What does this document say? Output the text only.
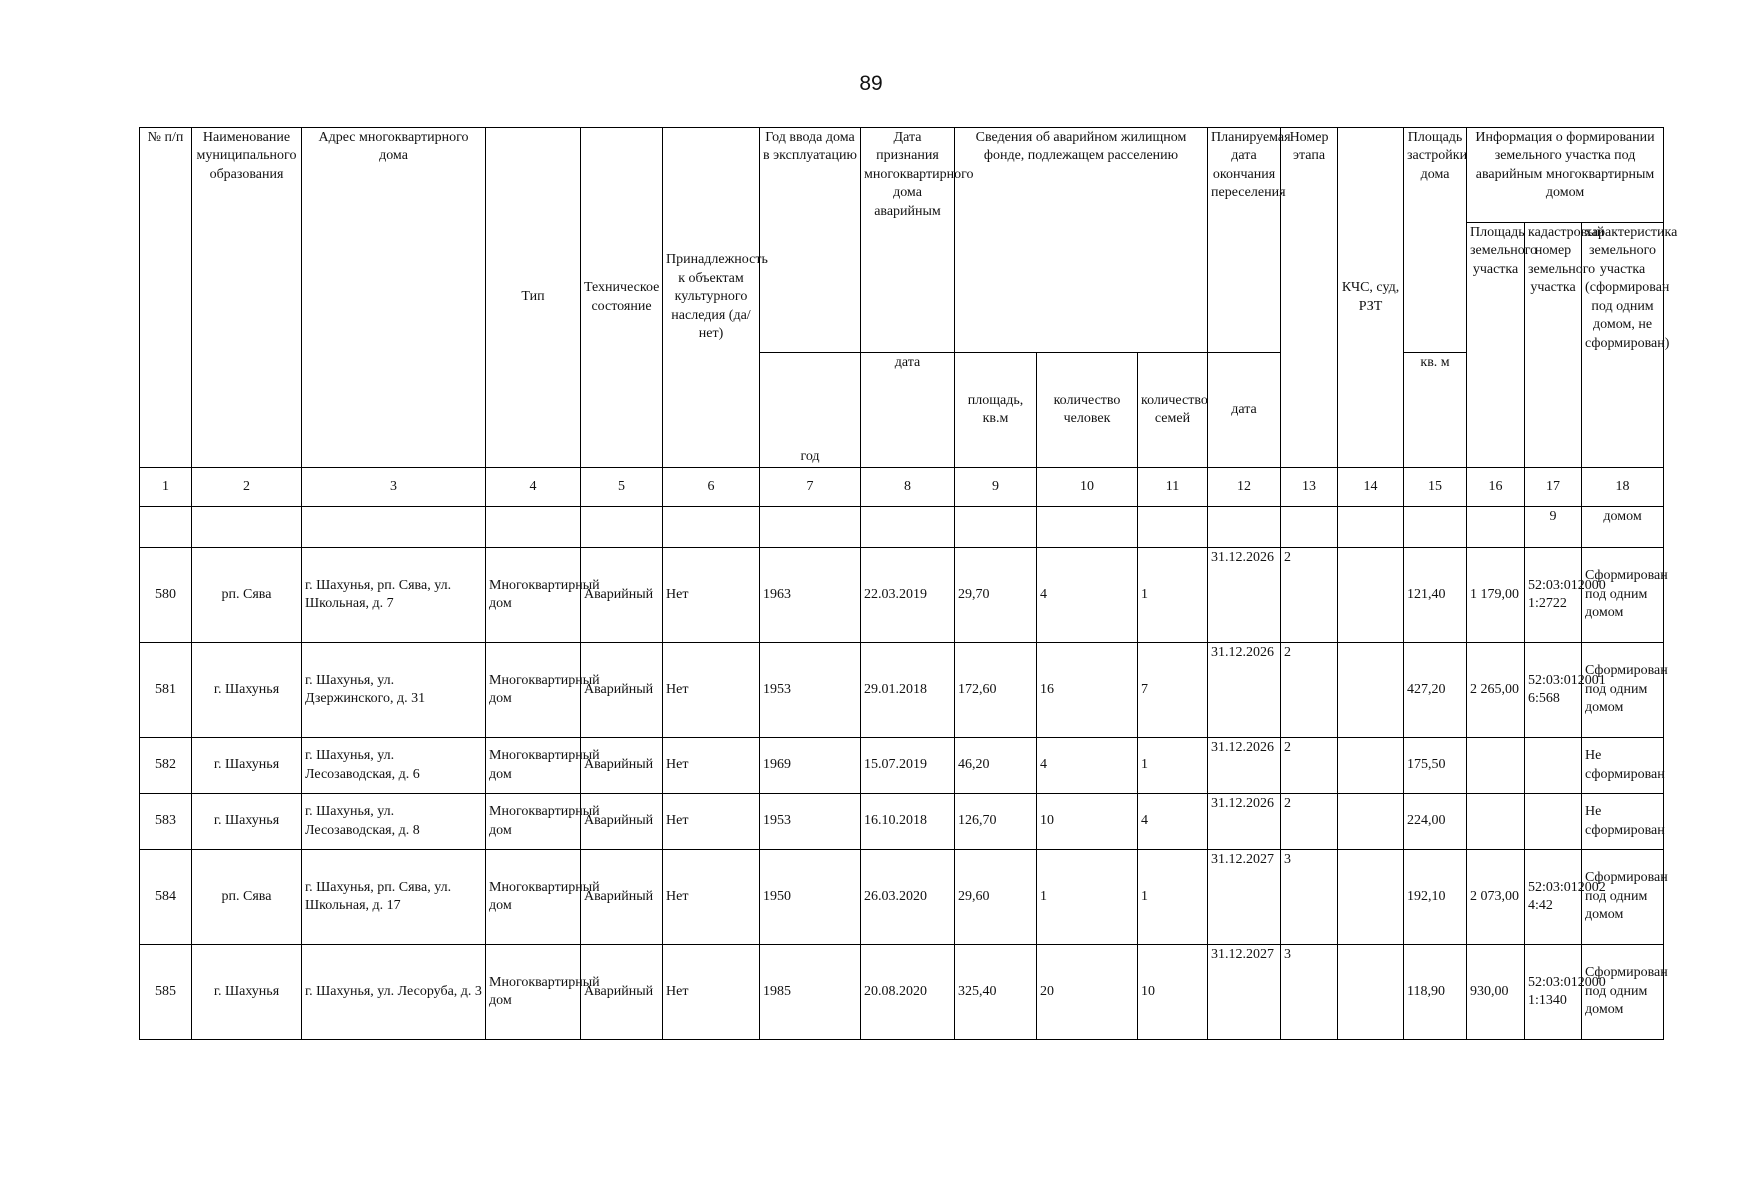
89
№ п/п	Наименование муниципального образования	Адрес многоквартирного дома	Тип	Техническое состояние	Принадлежность к объектам культурного наследия (да/нет)	Год ввода дома в эксплуатацию	Дата признания многоквартирного дома аварийным	Сведения об аварийном жилищном фонде, подлежащем расселению			Планируемая дата окончания переселения	Номер этапа	КЧС, суд, РЗТ	Площадь застройки дома	Информация о формировании земельного участка под аварийным многоквартирным домом		
															Площадь земельного участка	кадастровый номер земельного участка	характеристика земельного участка (сформирован под одним домом, не сформирован)
						год	дата	площадь, кв.м	количество человек	количество семей	дата			кв. м			
1	2	3	4	5	6	7	8	9	10	11	12	13	14	15	16	17	18
																9	домом
580	рп. Сява	г. Шахунья, рп. Сява, ул. Школьная, д. 7	Многоквартирный дом	Аварийный	Нет	1963	22.03.2019	29,70	4	1	31.12.2026	2		121,40	1 179,00	52:03:012000 1:2722	Сформирован под одним домом
581	г. Шахунья	г. Шахунья, ул. Дзержинского, д. 31	Многоквартирный дом	Аварийный	Нет	1953	29.01.2018	172,60	16	7	31.12.2026	2		427,20	2 265,00	52:03:012001 6:568	Сформирован под одним домом
582	г. Шахунья	г. Шахунья, ул. Лесозаводская, д. 6	Многоквартирный дом	Аварийный	Нет	1969	15.07.2019	46,20	4	1	31.12.2026	2		175,50			Не сформирован
583	г. Шахунья	г. Шахунья, ул. Лесозаводская, д. 8	Многоквартирный дом	Аварийный	Нет	1953	16.10.2018	126,70	10	4	31.12.2026	2		224,00			Не сформирован
584	рп. Сява	г. Шахунья, рп. Сява, ул. Школьная, д. 17	Многоквартирный дом	Аварийный	Нет	1950	26.03.2020	29,60	1	1	31.12.2027	3		192,10	2 073,00	52:03:012002 4:42	Сформирован под одним домом
585	г. Шахунья	г. Шахунья, ул. Лесоруба, д. 3	Многоквартирный дом	Аварийный	Нет	1985	20.08.2020	325,40	20	10	31.12.2027	3		118,90	930,00	52:03:012000 1:1340	Сформирован под одним домом
